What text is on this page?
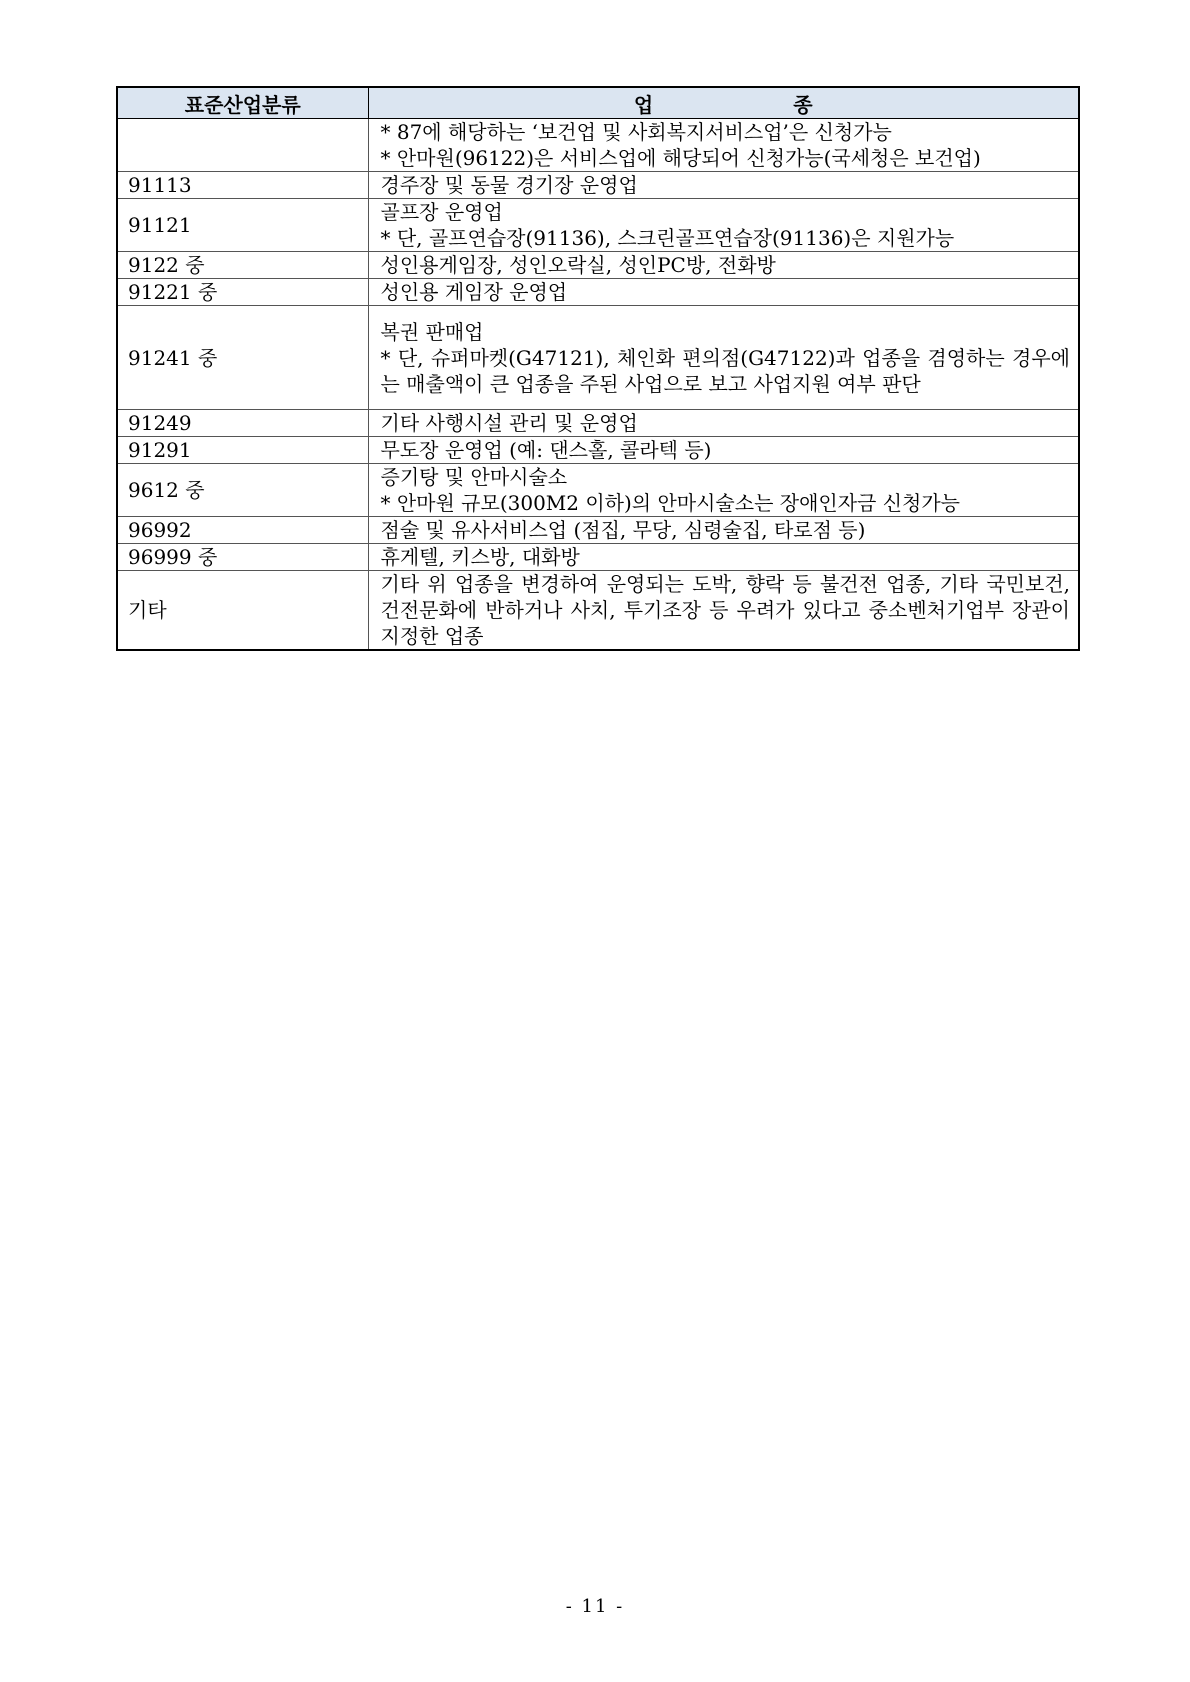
표준산업분류	업 종

	* 87에 해당하는 ‘보건업 및 사회복지서비스업’은 신청가능
* 안마원(96122)은 서비스업에 해당되어 신청가능(국세청은 보건업)

91113	경주장 및 동물 경기장 운영업

91121	골프장 운영업
* 단, 골프연습장(91136), 스크린골프연습장(91136)은 지원가능

9122 중	성인용게임장, 성인오락실, 성인PC방, 전화방

91221 중	성인용 게임장 운영업

91241 중	복권 판매업
* 단, 슈퍼마켓(G47121), 체인화 편의점(G47122)과 업종을 겸영하는 경우에는 매출액이 큰 업종을 주된 사업으로 보고 사업지원 여부 판단

91249	기타 사행시설 관리 및 운영업

91291	무도장 운영업 (예: 댄스홀, 콜라텍 등)

9612 중	증기탕 및 안마시술소
* 안마원 규모(300M2 이하)의 안마시술소는 장애인자금 신청가능

96992	점술 및 유사서비스업 (점집, 무당, 심령술집, 타로점 등)

96999 중	휴게텔, 키스방, 대화방

기타	기타 위 업종을 변경하여 운영되는 도박, 향락 등 불건전 업종, 기타 국민보건, 건전문화에 반하거나 사치, 투기조장 등 우려가 있다고 중소벤처기업부 장관이 지정한 업종
- 11 -
